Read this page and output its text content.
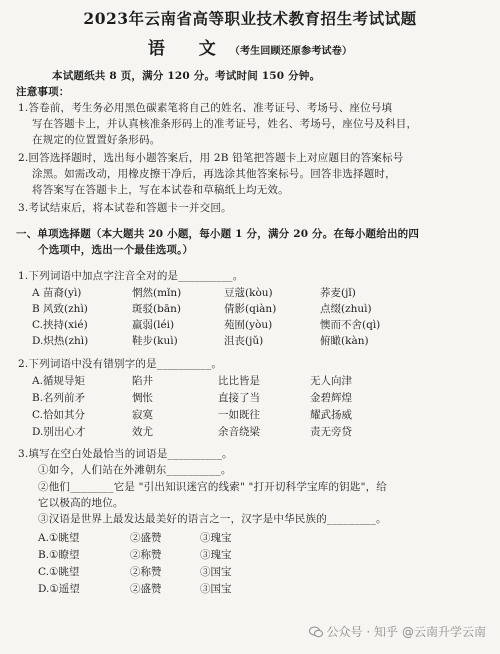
2023年云南省高等职业技术教育招生考试试题
语 文（考生回顾还原参考试卷）
本试题纸共 8 页，满分 120 分。考试时间 150 分钟。
注意事项：
1.答卷前，考生务必用黑色碳素笔将自己的姓名、准考证号、考场号、座位号填
写在答题卡上，并认真核准条形码上的准考证号，姓名、考场号，座位号及科目，
在规定的位置置好条形码。
2.回答选择题时，选出每小题答案后，用 2B 铅笔把答题卡上对应题目的答案标号
涂黑。如需改动，用橡皮擦干净后，再选涂其他答案标号。回答非选择题时，
将答案写在答题卡上，写在本试卷和草稿纸上均无效。
3.考试结束后，将本试卷和答题卡一并交回。
一、单项选择题（本大题共 20 小题，每小题 1 分，满分 20 分。在每小题给出的四
个选项中，选出一个最佳选项。）
1.下列词语中加点字注音全对的是__________。
A 苗裔(yì)	惘然(mǐn)	豆蔻(kòu)	荞麦(jǐ)
B 风致(zhì)	斑驳(bān)	倩影(qiàn)	点缀(zhuì)
C.挟持(xié)	羸弱(léi)	苑囿(yòu)	懊而不舍(qì)
D.炽热(zhì)	鞋步(kuì)	沮丧(jǔ)	俯瞰(kàn)
2.下列词语中没有错别字的是__________。
A.循规导矩	陷井	比比皆是	无人向津
B.名列前矛	惆怅	直接了当	金碧辉煌
C.恰如其分	寂寞	一如既往	耀武扬威
D.别出心才	效尤	余音绕梁	责无旁贷
3.填写在空白处最恰当的词语是__________。
①如今，人们站在外滩朝东__________。
②他们________它是 "引出知识迷宫的线索" "打开切科学宝库的钥匙"，给
它以极高的地位。
③汉语是世界上最发达最美好的语言之一，汉字是中华民族的_________。
A.①眺望	②盛赞	③瑰宝
B.①瞭望	②称赞	③瑰宝
C.①眺望	②称赞	③国宝
D.①遥望	②盛赞	③国宝
公众号 · 知乎 @云南升学云南
